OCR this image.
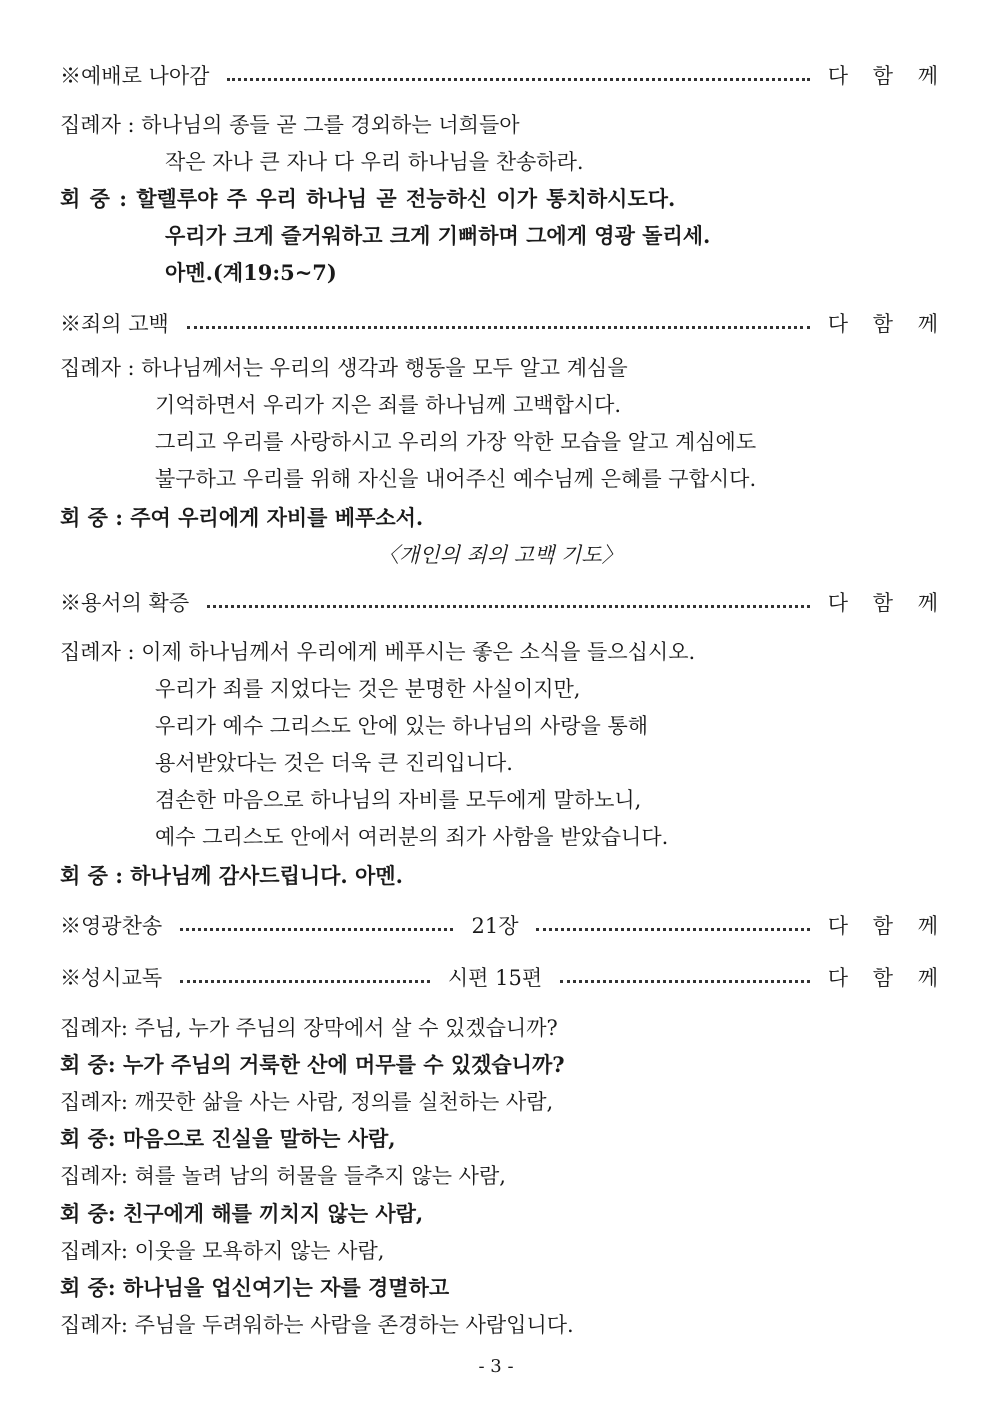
※예배로 나아감	다 함 께
집례자 : 하나님의 종들 곧 그를 경외하는 너희들아
작은 자나 큰 자나 다 우리 하나님을 찬송하라.
회 중 : 할렐루야 주 우리 하나님 곧 전능하신 이가 통치하시도다.
우리가 크게 즐거워하고 크게 기뻐하며 그에게 영광 돌리세.
아멘.(계19:5~7)
※죄의 고백	다 함 께
집례자 : 하나님께서는 우리의 생각과 행동을 모두 알고 계심을
기억하면서 우리가 지은 죄를 하나님께 고백합시다.
그리고 우리를 사랑하시고 우리의 가장 악한 모습을 알고 계심에도
불구하고 우리를 위해 자신을 내어주신 예수님께 은혜를 구합시다.
회 중 : 주여 우리에게 자비를 베푸소서.
〈개인의 죄의 고백 기도〉
※용서의 확증	다 함 께
집례자 : 이제 하나님께서 우리에게 베푸시는 좋은 소식을 들으십시오.
우리가 죄를 지었다는 것은 분명한 사실이지만,
우리가 예수 그리스도 안에 있는 하나님의 사랑을 통해
용서받았다는 것은 더욱 큰 진리입니다.
겸손한 마음으로 하나님의 자비를 모두에게 말하노니,
예수 그리스도 안에서 여러분의 죄가 사함을 받았습니다.
회 중 : 하나님께 감사드립니다. 아멘.
※영광찬송	21장	다 함 께
※성시교독	시편 15편	다 함 께
집례자: 주님, 누가 주님의 장막에서 살 수 있겠습니까?
회 중: 누가 주님의 거룩한 산에 머무를 수 있겠습니까?
집례자: 깨끗한 삶을 사는 사람, 정의를 실천하는 사람,
회 중: 마음으로 진실을 말하는 사람,
집례자: 혀를 놀려 남의 허물을 들추지 않는 사람,
회 중: 친구에게 해를 끼치지 않는 사람,
집례자: 이웃을 모욕하지 않는 사람,
회 중: 하나님을 업신여기는 자를 경멸하고
집례자: 주님을 두려워하는 사람을 존경하는 사람입니다.
- 3 -
